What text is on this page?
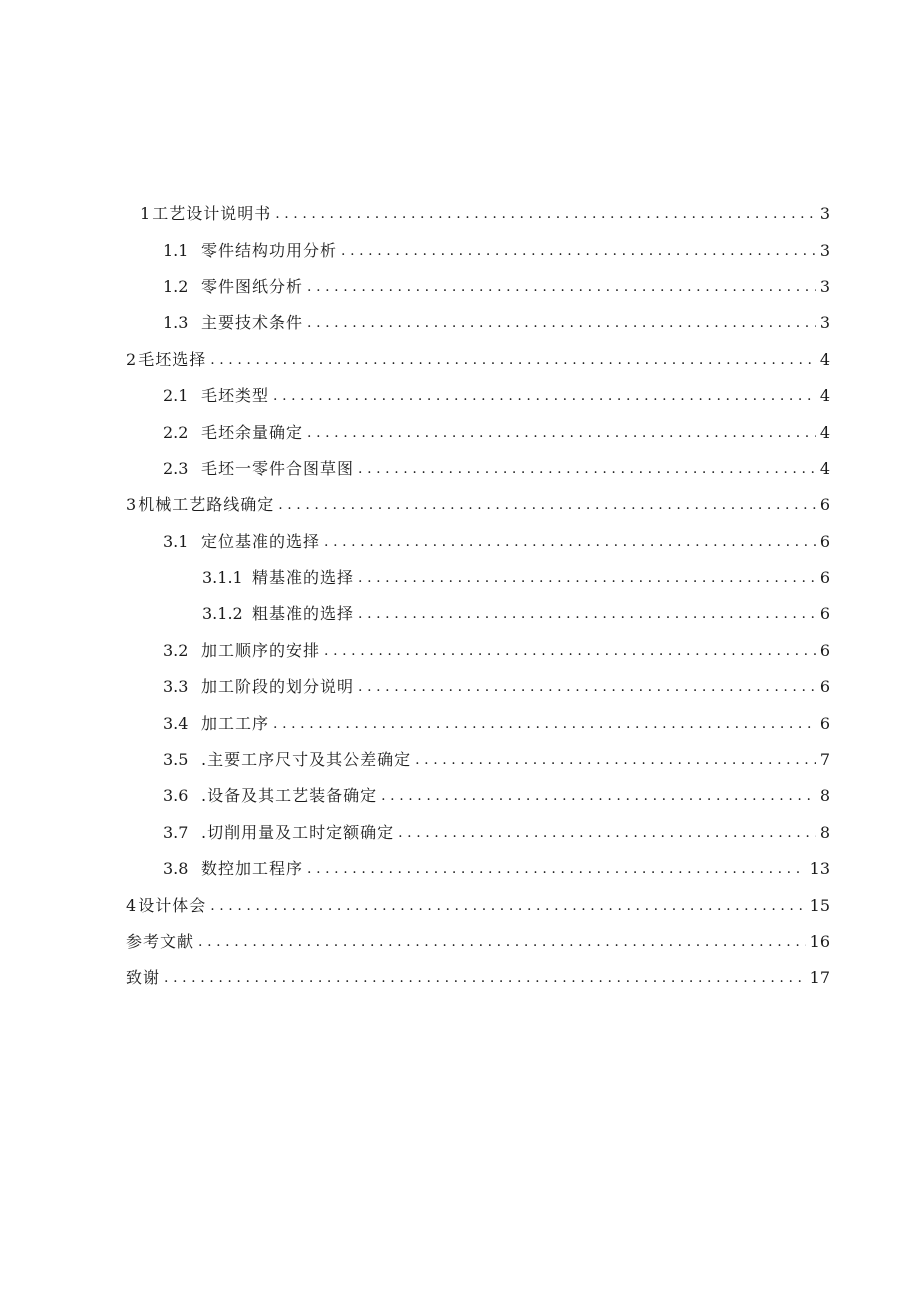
1 工艺设计说明书 .....	3
1.1 零件结构功用分析 .....	3
1.2 零件图纸分析 .....	3
1.3 主要技术条件 .....	3
2 毛坯选择 .....	4
2.1 毛坯类型 .....	4
2.2 毛坯余量确定 .....	4
2.3 毛坯一零件合图草图 .....	4
3 机械工艺路线确定 .....	6
3.1 定位基准的选择 .....	6
3.1.1 精基准的选择 .....	6
3.1.2 粗基准的选择 .....	6
3.2 加工顺序的安排 .....	6
3.3 加工阶段的划分说明 .....	6
3.4 加工工序 .....	6
3.5 .主要工序尺寸及其公差确定 .....	7
3.6 .设备及其工艺装备确定 .....	8
3.7 .切削用量及工时定额确定 .....	8
3.8 数控加工程序 .....	13
4 设计体会 .....	15
参考文献 .....	16
致谢 .....	17
